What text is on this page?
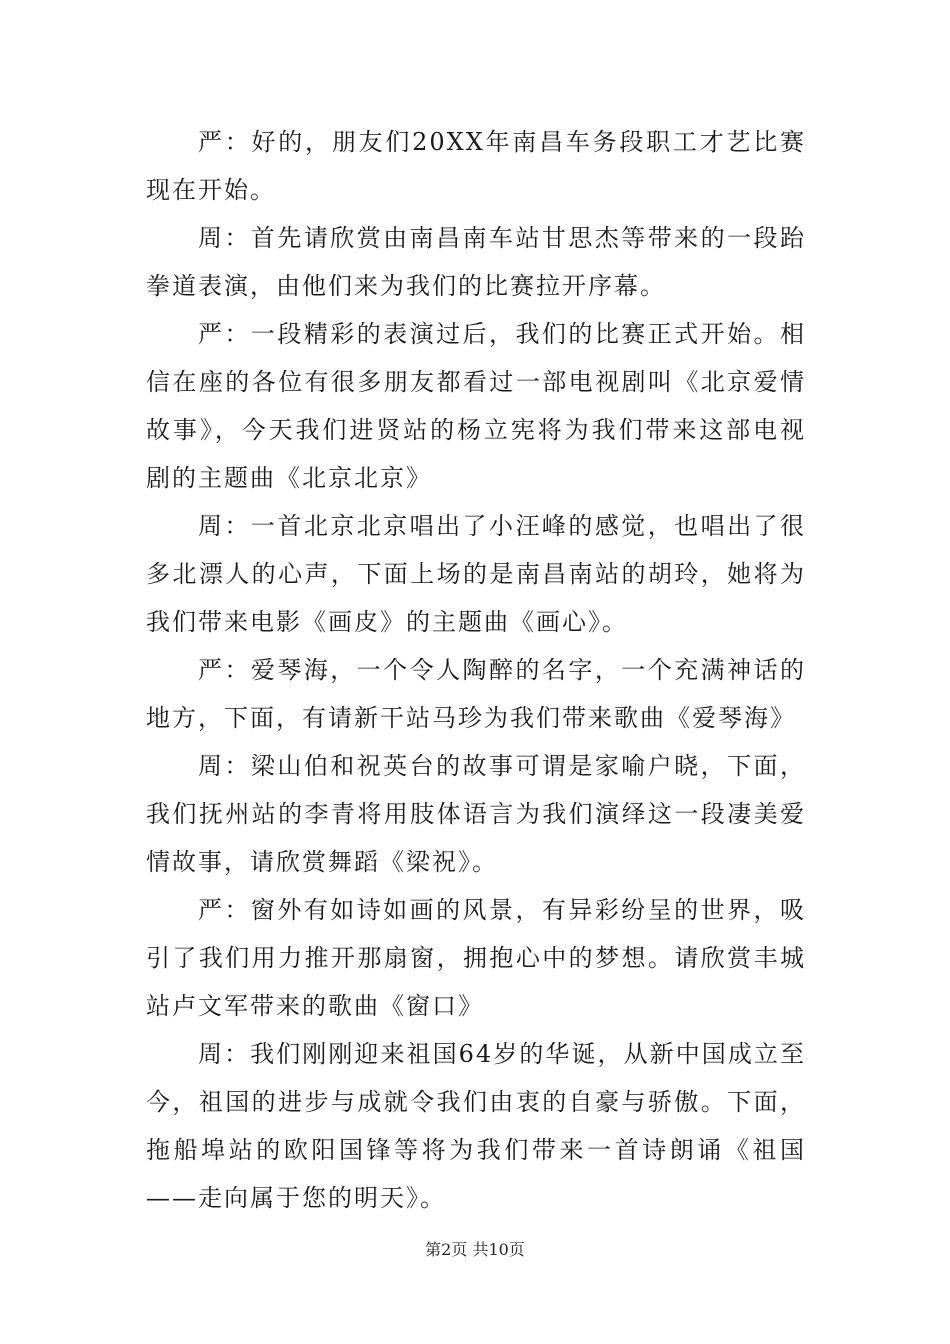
严：好的，朋友们20XX年南昌车务段职工才艺比赛现在开始。

周：首先请欣赏由南昌南车站甘思杰等带来的一段跆拳道表演，由他们来为我们的比赛拉开序幕。

严：一段精彩的表演过后，我们的比赛正式开始。相信在座的各位有很多朋友都看过一部电视剧叫《北京爱情故事》，今天我们进贤站的杨立宪将为我们带来这部电视剧的主题曲《北京北京》

周：一首北京北京唱出了小汪峰的感觉，也唱出了很多北漂人的心声，下面上场的是南昌南站的胡玲，她将为我们带来电影《画皮》的主题曲《画心》。

严：爱琴海，一个令人陶醉的名字，一个充满神话的地方，下面，有请新干站马珍为我们带来歌曲《爱琴海》

周：梁山伯和祝英台的故事可谓是家喻户晓，下面，我们抚州站的李青将用肢体语言为我们演绎这一段凄美爱情故事，请欣赏舞蹈《梁祝》。

严：窗外有如诗如画的风景，有异彩纷呈的世界，吸引了我们用力推开那扇窗，拥抱心中的梦想。请欣赏丰城站卢文军带来的歌曲《窗口》

周：我们刚刚迎来祖国64岁的华诞，从新中国成立至今，祖国的进步与成就令我们由衷的自豪与骄傲。下面，拖船埠站的欧阳国锋等将为我们带来一首诗朗诵《祖国——走向属于您的明天》。

第2页 共10页
